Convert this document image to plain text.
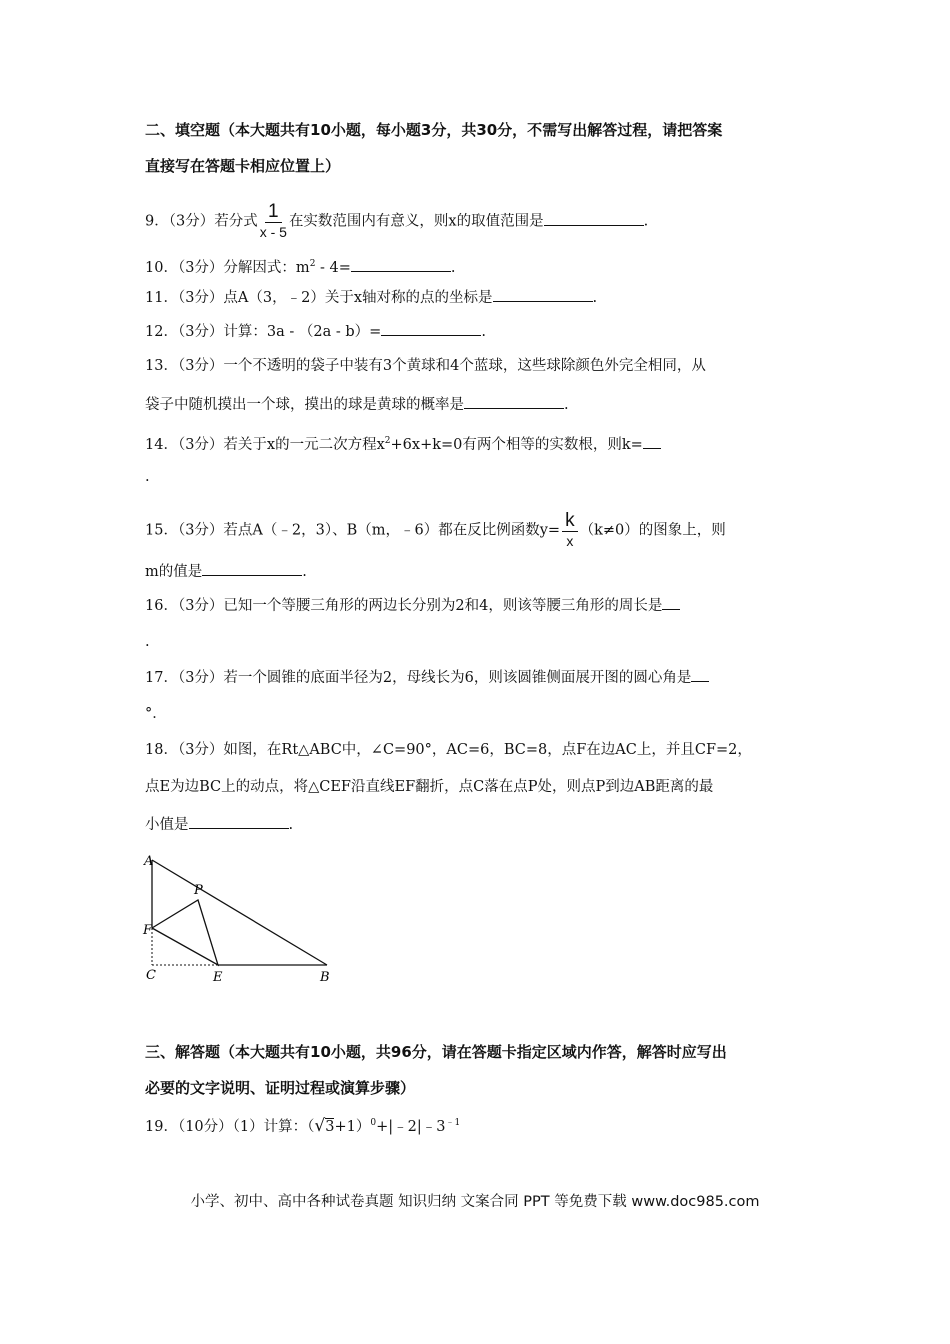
二、填空题（本大题共有10小题，每小题3分，共30分，不需写出解答过程，请把答案
直接写在答题卡相应位置上）
9．（3分）若分式 $\frac{1}{x - 5}$ 在实数范围内有意义，则x的取值范围是	.
10．（3分）分解因式：$m^2 - 4=$	.
11．（3分）点A（3，﹣2）关于x轴对称的点的坐标是	.
12．（3分）计算：3a - （2a - b）=	.
13．（3分）一个不透明的袋子中装有3个黄球和4个蓝球，这些球除颜色外完全相同，从
袋子中随机摸出一个球，摸出的球是黄球的概率是	.
14．（3分）若关于x的一元二次方程$x^2+6x+k=0$有两个相等的实数根，则k=
.
15．（3分）若点A（﹣2，3）、B（m，﹣6）都在反比例函数$y= \frac{k}{x} (k\ne 0)$的图象上，则
m的值是	.
16．（3分）已知一个等腰三角形的两边长分别为2和4，则该等腰三角形的周长是
.
17．（3分）若一个圆锥的底面半径为2，母线长为6，则该圆锥侧面展开图的圆心角是
°．
18．（3分）如图，在Rt△ABC中，∠C=90°，AC=6，BC=8，点F在边AC上，并且CF=2，
点E为边BC上的动点，将△CEF沿直线EF翻折，点C落在点P处，则点P到边AB距离的最
小值是	.
A
F
P
C	E	B
三、解答题（本大题共有10小题，共96分，请在答题卡指定区域内作答，解答时应写出
必要的文字说明、证明过程或演算步骤）
19．（10分）（1）计算：$(√3+1)^0+|﹣2|﹣3^{﹣1}$
小学、初中、高中各种试卷真题 知识归纳 文案合同 PPT 等免费下载 www.doc985.com
